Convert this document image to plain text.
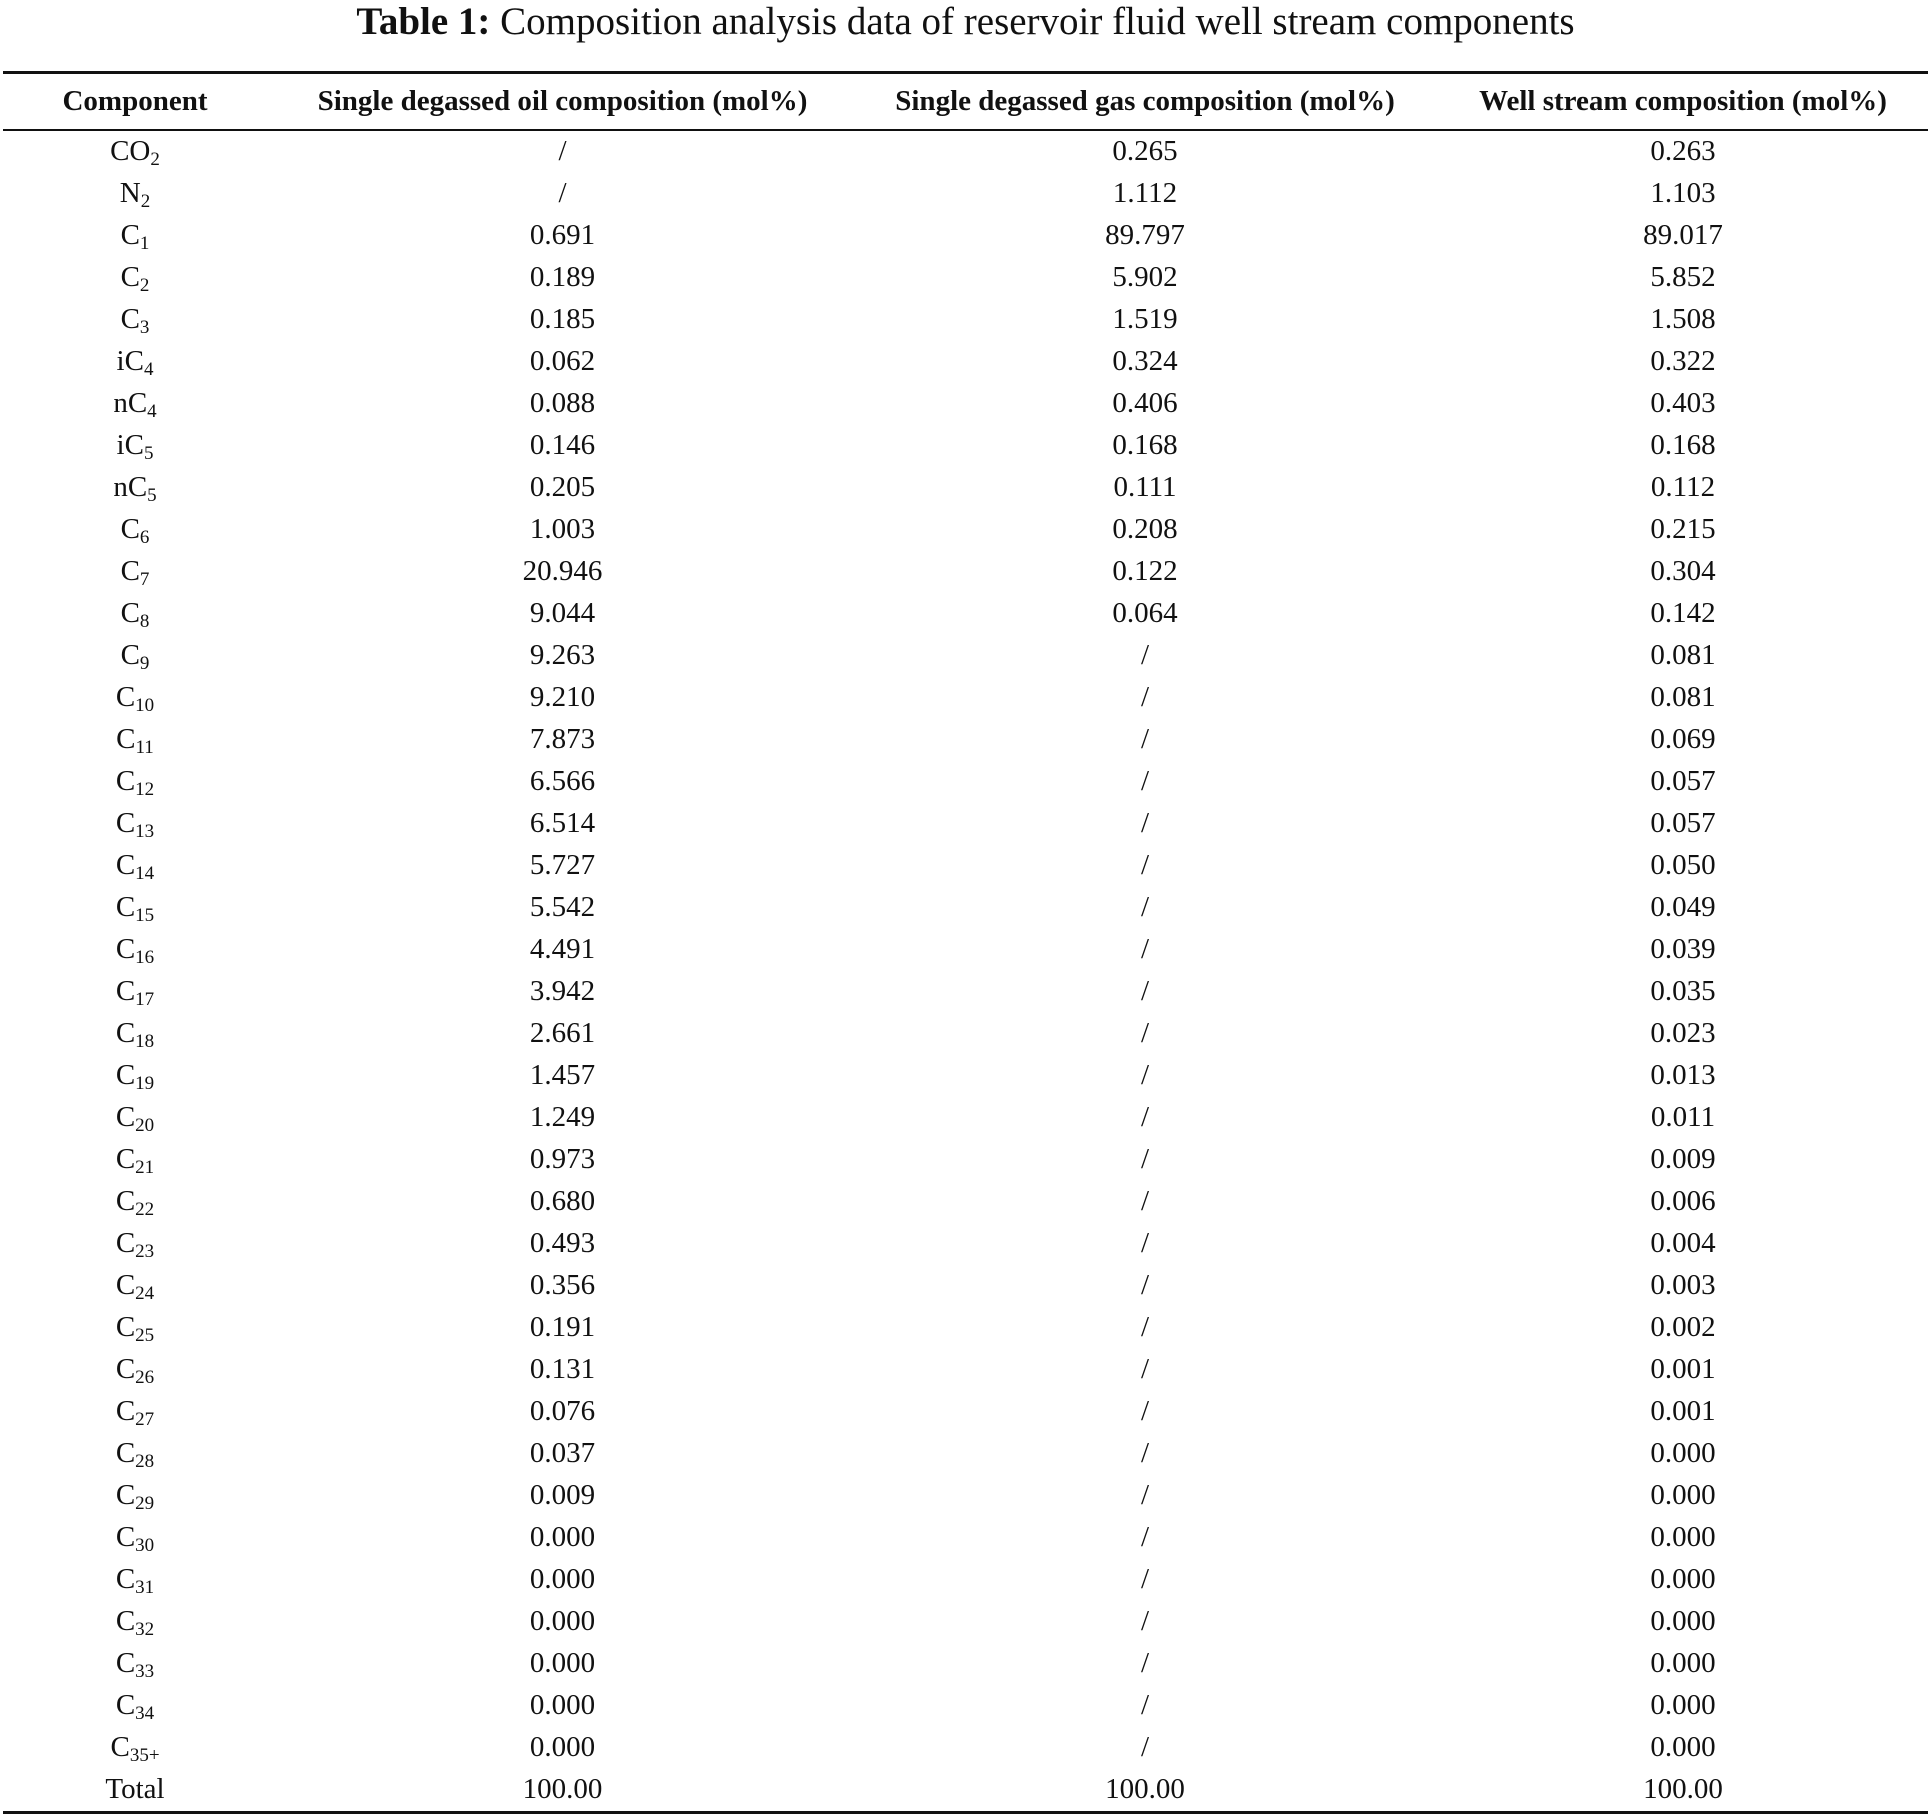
Table 1: Composition analysis data of reservoir fluid well stream components
Component	Single degassed oil composition (mol%)	Single degassed gas composition (mol%)	Well stream composition (mol%)
$CO_2$	/	0.265	0.263
$N_2$	/	1.112	1.103
$C_1$	0.691	89.797	89.017
$C_2$	0.189	5.902	5.852
$C_3$	0.185	1.519	1.508
$iC_4$	0.062	0.324	0.322
$nC_4$	0.088	0.406	0.403
$iC_5$	0.146	0.168	0.168
$nC_5$	0.205	0.111	0.112
$C_6$	1.003	0.208	0.215
$C_7$	20.946	0.122	0.304
$C_8$	9.044	0.064	0.142
$C_9$	9.263	/	0.081
$C_{10}$	9.210	/	0.081
$C_{11}$	7.873	/	0.069
$C_{12}$	6.566	/	0.057
$C_{13}$	6.514	/	0.057
$C_{14}$	5.727	/	0.050
$C_{15}$	5.542	/	0.049
$C_{16}$	4.491	/	0.039
$C_{17}$	3.942	/	0.035
$C_{18}$	2.661	/	0.023
$C_{19}$	1.457	/	0.013
$C_{20}$	1.249	/	0.011
$C_{21}$	0.973	/	0.009
$C_{22}$	0.680	/	0.006
$C_{23}$	0.493	/	0.004
$C_{24}$	0.356	/	0.003
$C_{25}$	0.191	/	0.002
$C_{26}$	0.131	/	0.001
$C_{27}$	0.076	/	0.001
$C_{28}$	0.037	/	0.000
$C_{29}$	0.009	/	0.000
$C_{30}$	0.000	/	0.000
$C_{31}$	0.000	/	0.000
$C_{32}$	0.000	/	0.000
$C_{33}$	0.000	/	0.000
$C_{34}$	0.000	/	0.000
$C_{35+}$	0.000	/	0.000
Total	100.00	100.00	100.00
